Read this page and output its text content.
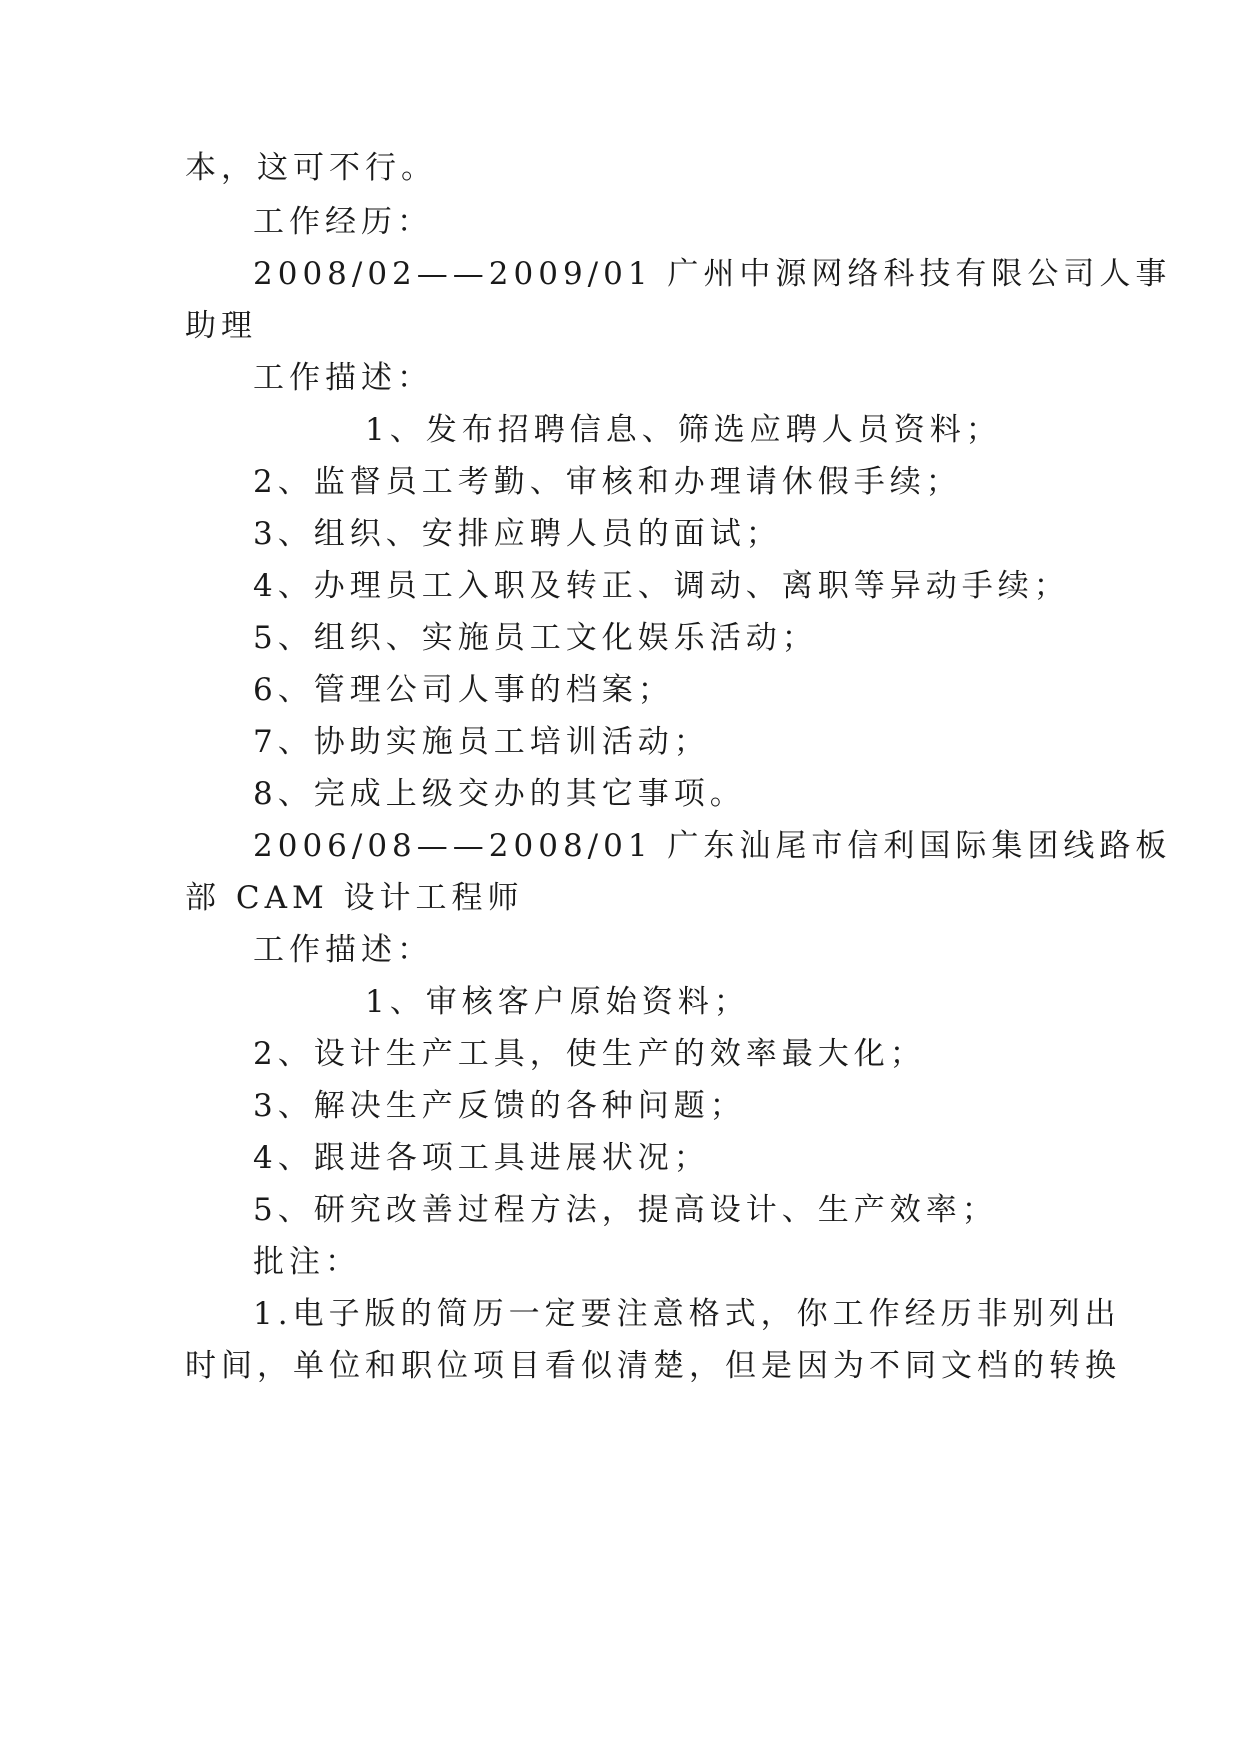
本，这可不行。
工作经历：
2008/02——2009/01 广州中源网络科技有限公司人事
助理
工作描述：
1、发布招聘信息、筛选应聘人员资料；
2、监督员工考勤、审核和办理请休假手续；
3、组织、安排应聘人员的面试；
4、办理员工入职及转正、调动、离职等异动手续；
5、组织、实施员工文化娱乐活动；
6、管理公司人事的档案；
7、协助实施员工培训活动；
8、完成上级交办的其它事项。
2006/08——2008/01 广东汕尾市信利国际集团线路板
部 CAM 设计工程师
工作描述：
1、审核客户原始资料；
2、设计生产工具，使生产的效率最大化；
3、解决生产反馈的各种问题；
4、跟进各项工具进展状况；
5、研究改善过程方法，提高设计、生产效率；
批注：
1.电子版的简历一定要注意格式，你工作经历非别列出
时间，单位和职位项目看似清楚，但是因为不同文档的转换
